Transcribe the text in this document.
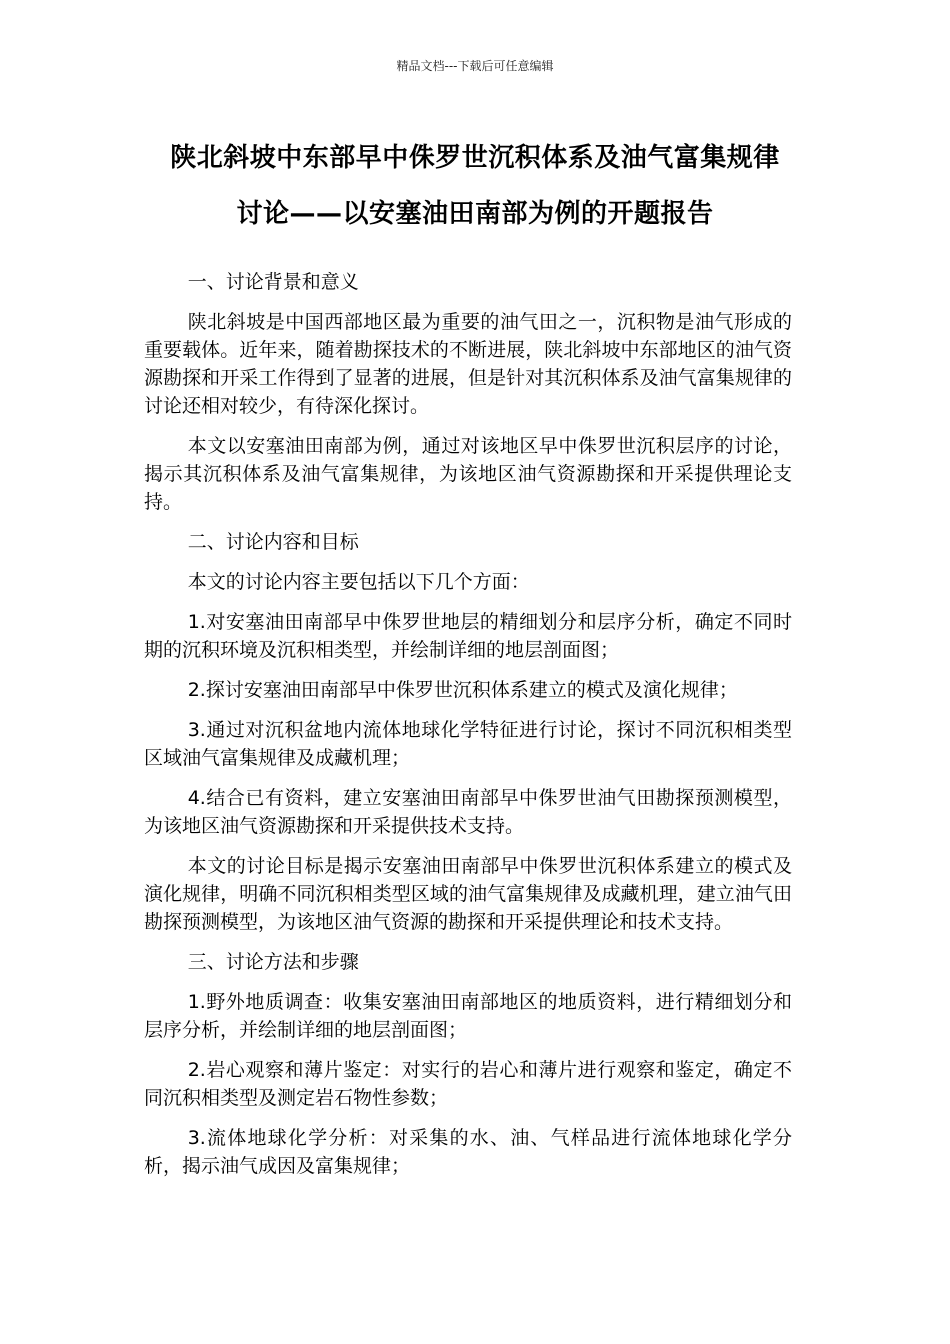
精品文档---下载后可任意编辑
陕北斜坡中东部早中侏罗世沉积体系及油气富集规律
讨论——以安塞油田南部为例的开题报告

一、讨论背景和意义

陕北斜坡是中国西部地区最为重要的油气田之一，沉积物是油气形成的重要载体。近年来，随着勘探技术的不断进展，陕北斜坡中东部地区的油气资源勘探和开采工作得到了显著的进展，但是针对其沉积体系及油气富集规律的讨论还相对较少，有待深化探讨。

本文以安塞油田南部为例，通过对该地区早中侏罗世沉积层序的讨论，揭示其沉积体系及油气富集规律，为该地区油气资源勘探和开采提供理论支持。

二、讨论内容和目标

本文的讨论内容主要包括以下几个方面：

1.对安塞油田南部早中侏罗世地层的精细划分和层序分析，确定不同时期的沉积环境及沉积相类型，并绘制详细的地层剖面图；

2.探讨安塞油田南部早中侏罗世沉积体系建立的模式及演化规律；

3.通过对沉积盆地内流体地球化学特征进行讨论，探讨不同沉积相类型区域油气富集规律及成藏机理；

4.结合已有资料，建立安塞油田南部早中侏罗世油气田勘探预测模型，为该地区油气资源勘探和开采提供技术支持。

本文的讨论目标是揭示安塞油田南部早中侏罗世沉积体系建立的模式及演化规律，明确不同沉积相类型区域的油气富集规律及成藏机理，建立油气田勘探预测模型，为该地区油气资源的勘探和开采提供理论和技术支持。

三、讨论方法和步骤

1.野外地质调查：收集安塞油田南部地区的地质资料，进行精细划分和层序分析，并绘制详细的地层剖面图；

2.岩心观察和薄片鉴定：对实行的岩心和薄片进行观察和鉴定，确定不同沉积相类型及测定岩石物性参数；

3.流体地球化学分析：对采集的水、油、气样品进行流体地球化学分析，揭示油气成因及富集规律；
